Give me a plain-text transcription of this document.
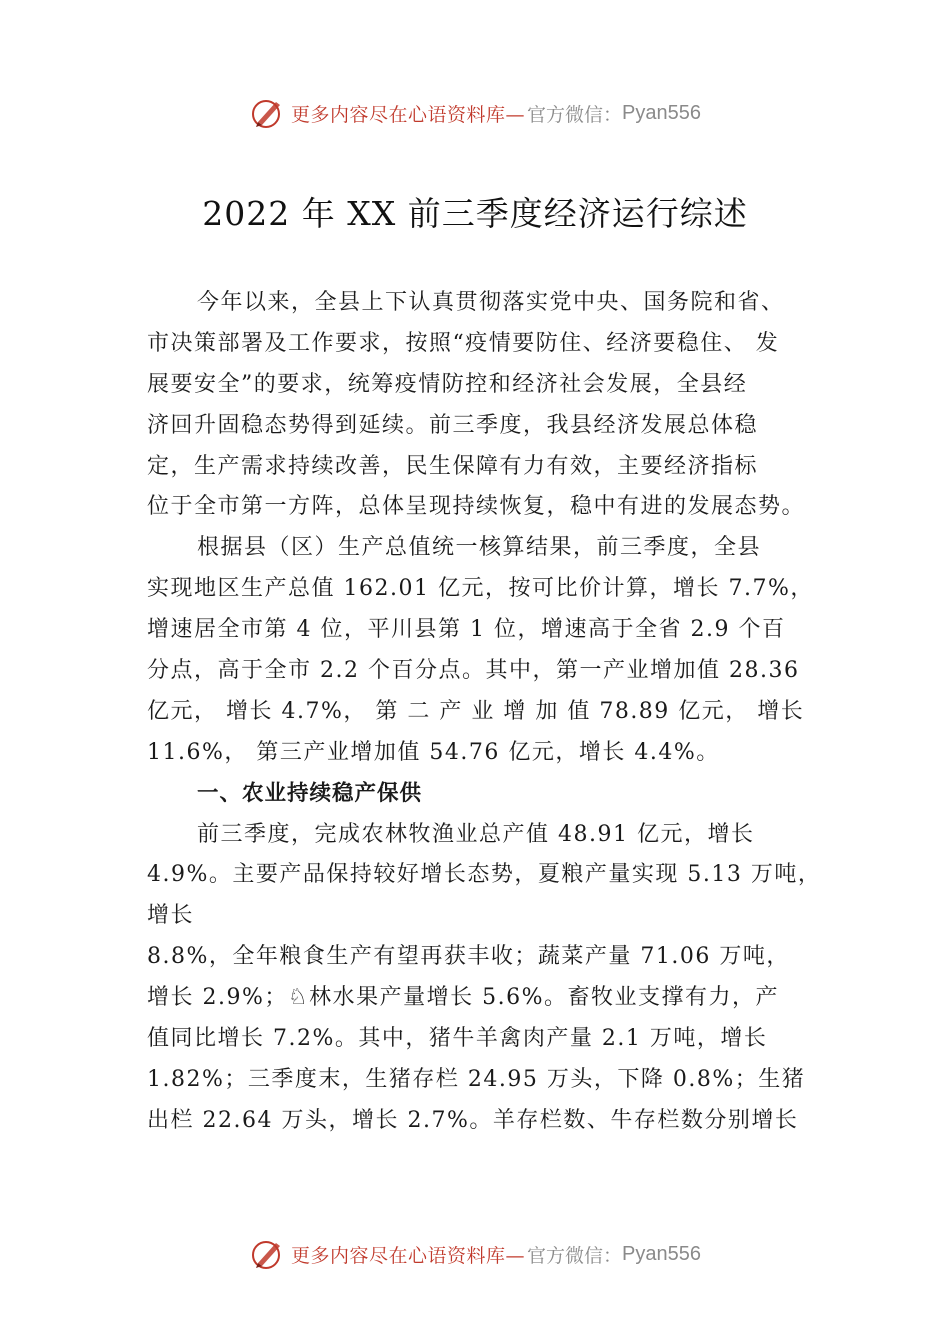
更多内容尽在心语资料库— 官方微信： Pyan556
2022 年 XX 前三季度经济运行综述
今年以来，全县上下认真贯彻落实党中央、国务院和省、
市决策部署及工作要求，按照“疫情要防住、经济要稳住、 发
展要安全”的要求，统筹疫情防控和经济社会发展，全县经
济回升固稳态势得到延续。前三季度，我县经济发展总体稳
定，生产需求持续改善，民生保障有力有效，主要经济指标
位于全市第一方阵，总体呈现持续恢复，稳中有进的发展态势。
根据县（区）生产总值统一核算结果，前三季度，全县
实现地区生产总值 162.01 亿元，按可比价计算，增长 7.7%，
增速居全市第 4 位，平川县第 1 位，增速高于全省 2.9 个百
分点，高于全市 2.2 个百分点。其中，第一产业增加值 28.36
亿元， 增长 4.7%， 第 二 产 业 增 加 值 78.89 亿元， 增长
11.6%， 第三产业增加值 54.76 亿元，增长 4.4%。
一、农业持续稳产保供
前三季度，完成农林牧渔业总产值 48.91 亿元，增长
4.9%。主要产品保持较好增长态势，夏粮产量实现 5.13 万吨，
增长
8.8%，全年粮食生产有望再获丰收；蔬菜产量 71.06 万吨，
增长 2.9%；♘林水果产量增长 5.6%。畜牧业支撑有力，产
值同比增长 7.2%。其中，猪牛羊禽肉产量 2.1 万吨，增长
1.82%；三季度末，生猪存栏 24.95 万头，下降 0.8%；生猪
出栏 22.64 万头，增长 2.7%。羊存栏数、牛存栏数分别增长
更多内容尽在心语资料库— 官方微信： Pyan556
